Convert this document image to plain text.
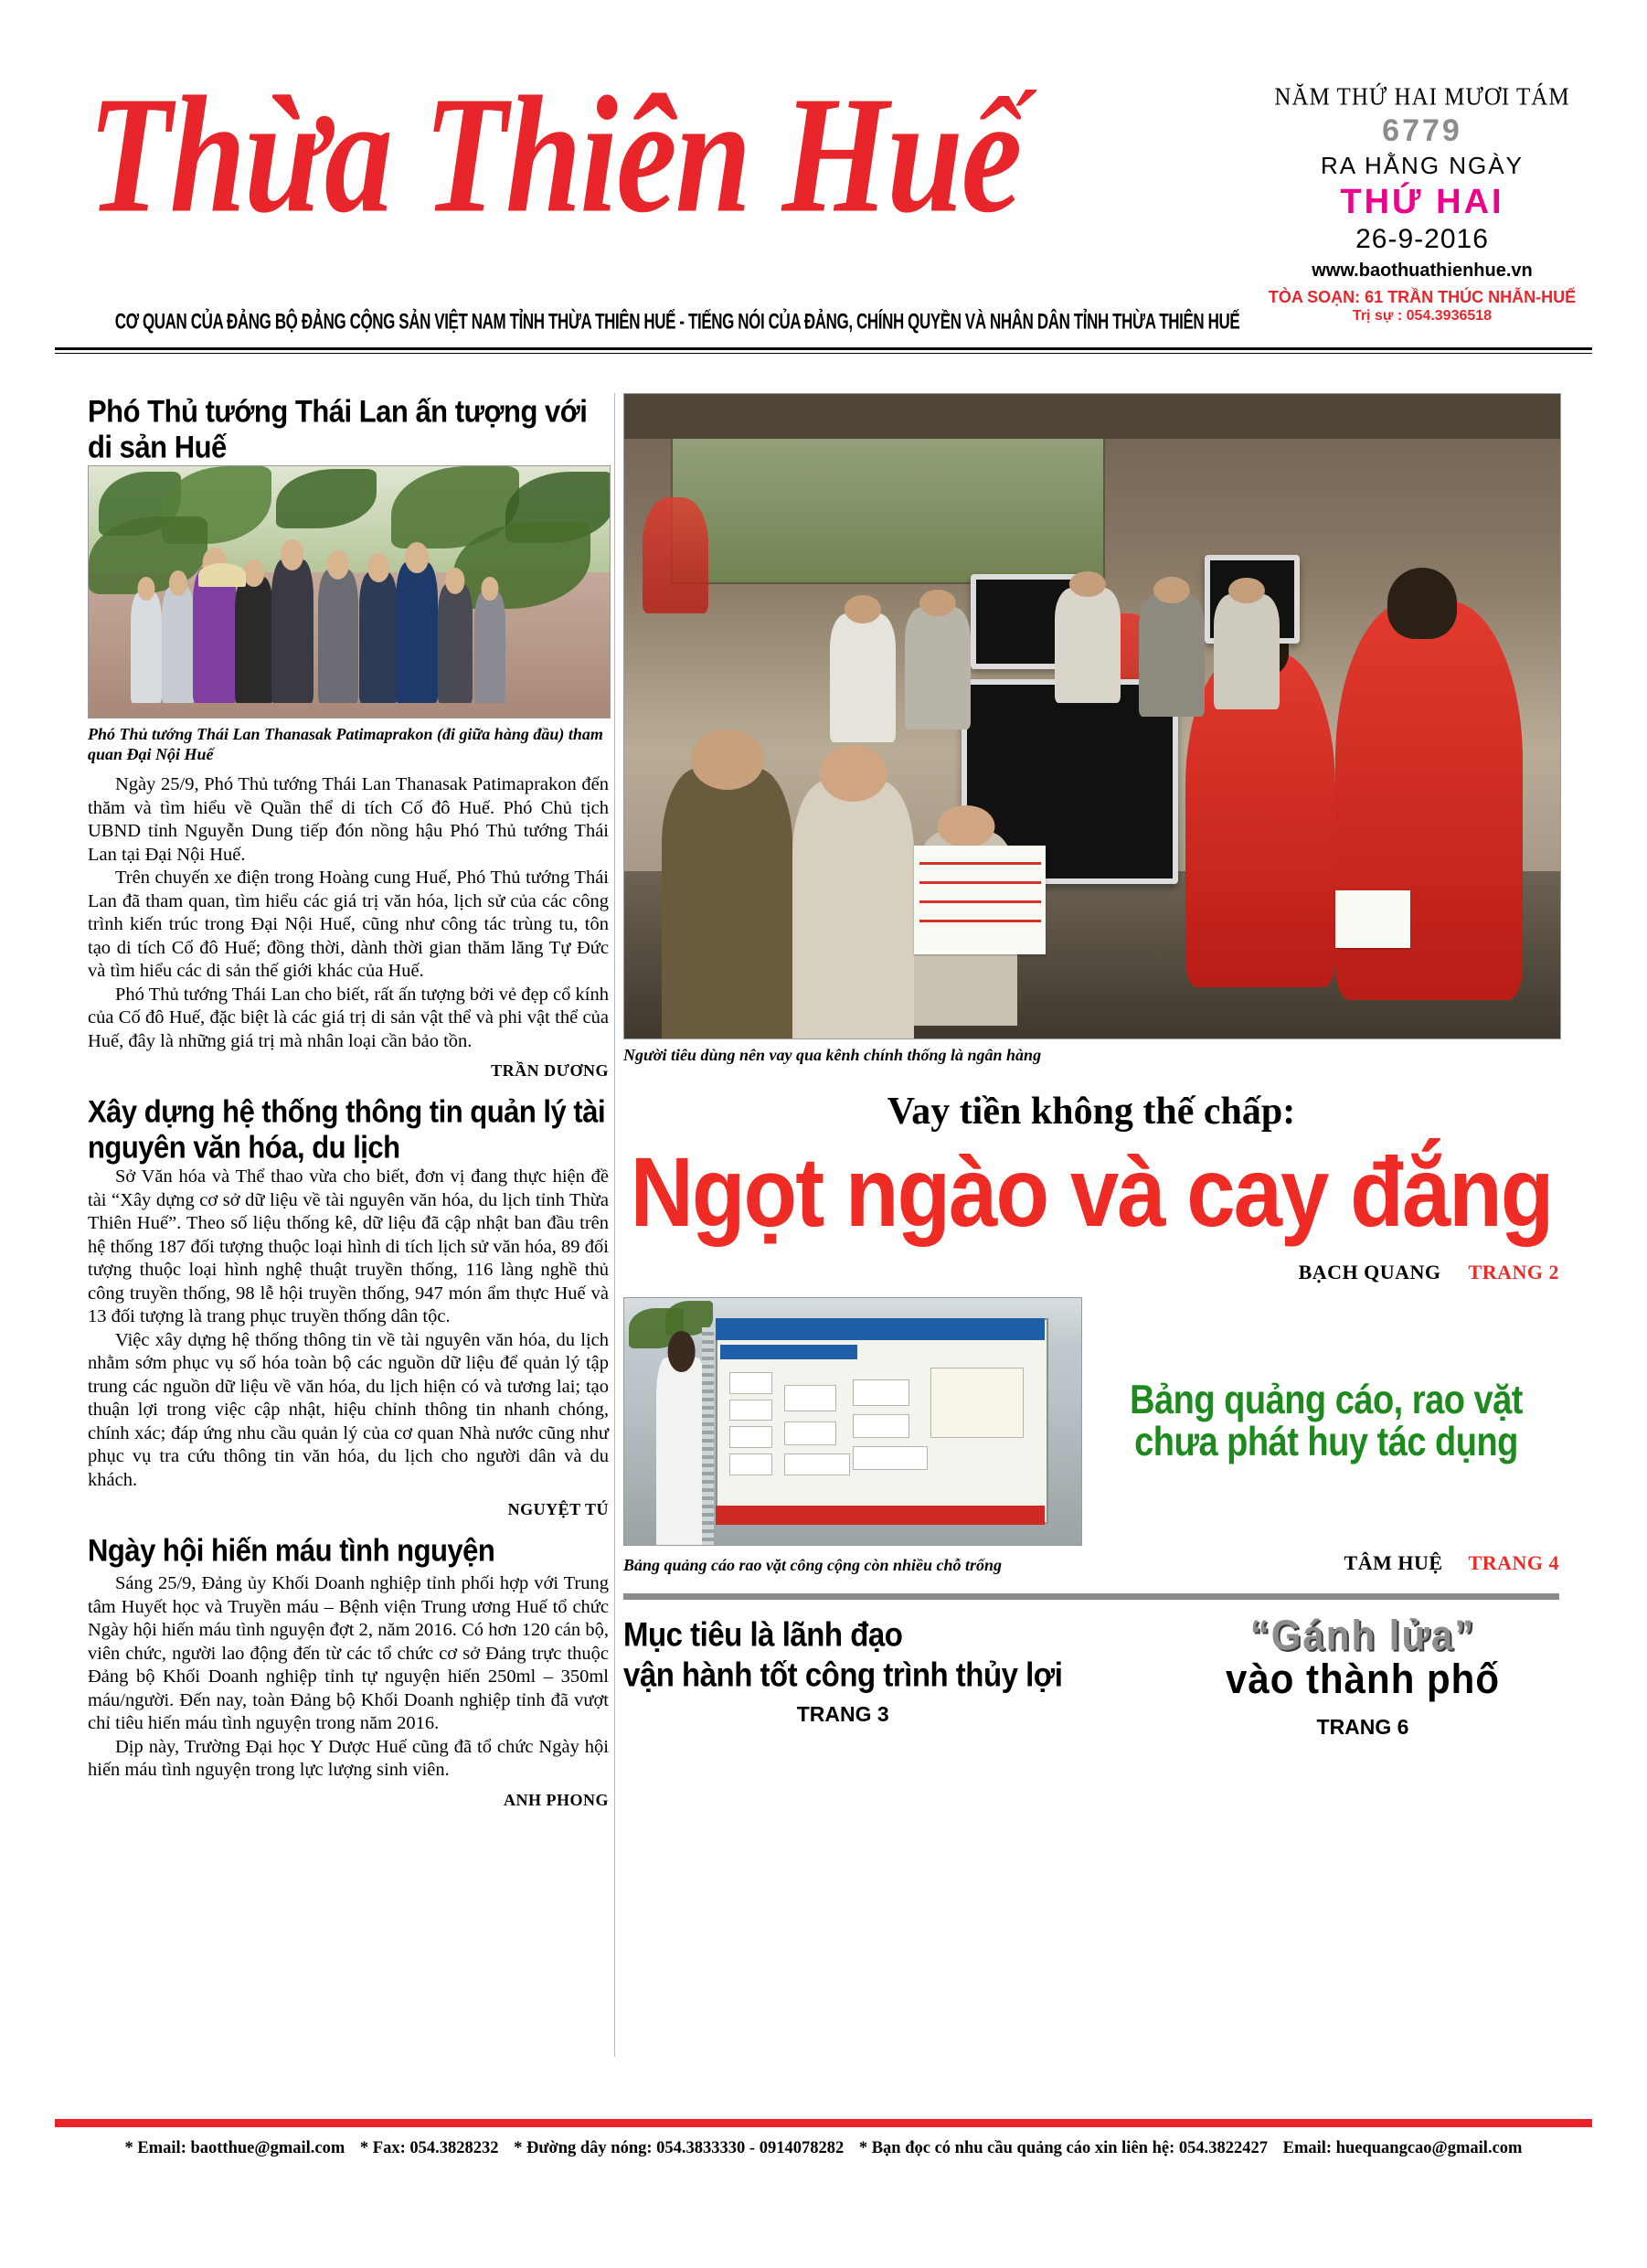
Thừa Thiên Huế
CƠ QUAN CỦA ĐẢNG BỘ ĐẢNG CỘNG SẢN VIỆT NAM TỈNH THỪA THIÊN HUẾ - TIẾNG NÓI CỦA ĐẢNG, CHÍNH QUYỀN VÀ NHÂN DÂN TỈNH THỪA THIÊN HUẾ
NĂM THỨ HAI MƯƠI TÁM
6779
RA HẰNG NGÀY
THỨ HAI
26-9-2016
www.baothuathienhue.vn
TÒA SOẠN: 61 TRẦN THÚC NHẪN-HUẾ
Trị sự : 054.3936518
Phó Thủ tướng Thái Lan ấn tượng với di sản Huế
Phó Thủ tướng Thái Lan Thanasak Patimaprakon (đi giữa hàng đầu) tham quan Đại Nội Huế

Ngày 25/9, Phó Thủ tướng Thái Lan Thanasak Patimaprakon đến thăm và tìm hiểu về Quần thể di tích Cố đô Huế. Phó Chủ tịch UBND tỉnh Nguyễn Dung tiếp đón nồng hậu Phó Thủ tướng Thái Lan tại Đại Nội Huế.

Trên chuyến xe điện trong Hoàng cung Huế, Phó Thủ tướng Thái Lan đã tham quan, tìm hiểu các giá trị văn hóa, lịch sử của các công trình kiến trúc trong Đại Nội Huế, cũng như công tác trùng tu, tôn tạo di tích Cố đô Huế; đồng thời, dành thời gian thăm lăng Tự Đức và tìm hiểu các di sản thế giới khác của Huế.

Phó Thủ tướng Thái Lan cho biết, rất ấn tượng bởi vẻ đẹp cổ kính của Cố đô Huế, đặc biệt là các giá trị di sản vật thể và phi vật thể của Huế, đây là những giá trị mà nhân loại cần bảo tồn.

TRẦN DƯƠNG
Xây dựng hệ thống thông tin quản lý tài nguyên văn hóa, du lịch

Sở Văn hóa và Thể thao vừa cho biết, đơn vị đang thực hiện đề tài “Xây dựng cơ sở dữ liệu về tài nguyên văn hóa, du lịch tỉnh Thừa Thiên Huế”. Theo số liệu thống kê, dữ liệu đã cập nhật ban đầu trên hệ thống 187 đối tượng thuộc loại hình di tích lịch sử văn hóa, 89 đối tượng thuộc loại hình nghệ thuật truyền thống, 116 làng nghề thủ công truyền thống, 98 lễ hội truyền thống, 947 món ẩm thực Huế và 13 đối tượng là trang phục truyền thống dân tộc.

Việc xây dựng hệ thống thông tin về tài nguyên văn hóa, du lịch nhằm sớm phục vụ số hóa toàn bộ các nguồn dữ liệu để quản lý tập trung các nguồn dữ liệu về văn hóa, du lịch hiện có và tương lai; tạo thuận lợi trong việc cập nhật, hiệu chỉnh thông tin nhanh chóng, chính xác; đáp ứng nhu cầu quản lý của cơ quan Nhà nước cũng như phục vụ tra cứu thông tin văn hóa, du lịch cho người dân và du khách.

NGUYỆT TÚ
Ngày hội hiến máu tình nguyện

Sáng 25/9, Đảng ủy Khối Doanh nghiệp tỉnh phối hợp với Trung tâm Huyết học và Truyền máu – Bệnh viện Trung ương Huế tổ chức Ngày hội hiến máu tình nguyện đợt 2, năm 2016. Có hơn 120 cán bộ, viên chức, người lao động đến từ các tổ chức cơ sở Đảng trực thuộc Đảng bộ Khối Doanh nghiệp tỉnh tự nguyện hiến 250ml – 350ml máu/người. Đến nay, toàn Đảng bộ Khối Doanh nghiệp tỉnh đã vượt chỉ tiêu hiến máu tình nguyện trong năm 2016.

Dịp này, Trường Đại học Y Dược Huế cũng đã tổ chức Ngày hội hiến máu tình nguyện trong lực lượng sinh viên.

ANH PHONG
Người tiêu dùng nên vay qua kênh chính thống là ngân hàng
Vay tiền không thế chấp:
Ngọt ngào và cay đắng
BẠCH QUANG TRANG 2
Bảng quảng cáo, rao vặt
chưa phát huy tác dụng
Bảng quảng cáo rao vặt công cộng còn nhiều chỗ trống	TÂM HUỆ TRANG 4
Mục tiêu là lãnh đạo
vận hành tốt công trình thủy lợi
TRANG 3
“Gánh lửa”
vào thành phố
TRANG 6
* Email: baotthue@gmail.com * Fax: 054.3828232 * Đường dây nóng: 054.3833330 - 0914078282 * Bạn đọc có nhu cầu quảng cáo xin liên hệ: 054.3822427 Email: huequangcao@gmail.com
